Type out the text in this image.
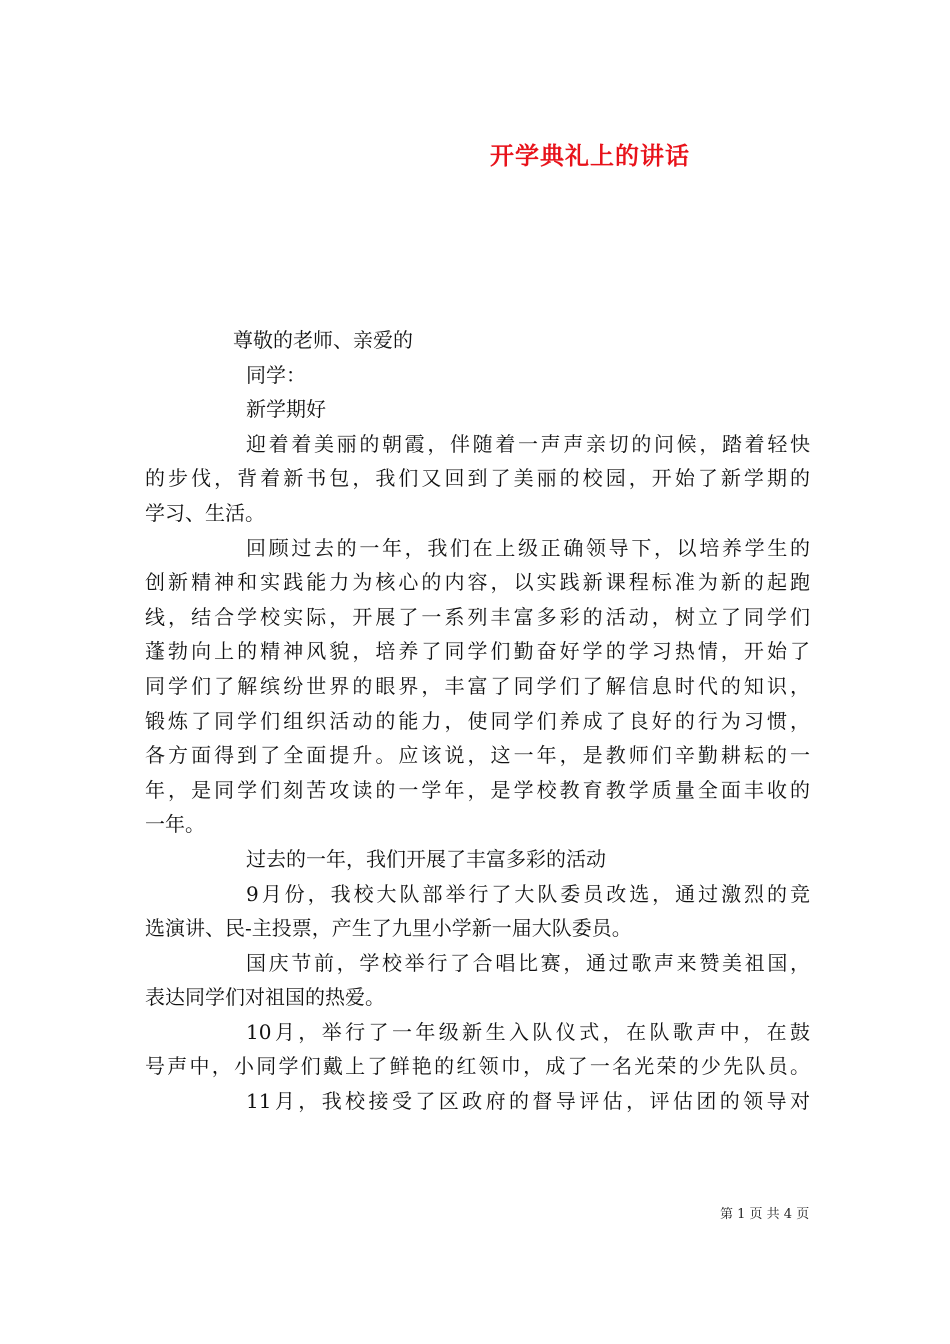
开学典礼上的讲话
尊敬的老师、亲爱的
同学：
新学期好
迎着着美丽的朝霞，伴随着一声声亲切的问候，踏着轻快
的步伐，背着新书包，我们又回到了美丽的校园，开始了新学期的
学习、生活。
回顾过去的一年，我们在上级正确领导下，以培养学生的
创新精神和实践能力为核心的内容，以实践新课程标准为新的起跑
线，结合学校实际，开展了一系列丰富多彩的活动，树立了同学们
蓬勃向上的精神风貌，培养了同学们勤奋好学的学习热情，开始了
同学们了解缤纷世界的眼界，丰富了同学们了解信息时代的知识，
锻炼了同学们组织活动的能力，使同学们养成了良好的行为习惯，
各方面得到了全面提升。应该说，这一年，是教师们辛勤耕耘的一
年，是同学们刻苦攻读的一学年，是学校教育教学质量全面丰收的
一年。
过去的一年，我们开展了丰富多彩的活动
9月份，我校大队部举行了大队委员改选，通过激烈的竞
选演讲、民-主投票，产生了九里小学新一届大队委员。
国庆节前，学校举行了合唱比赛，通过歌声来赞美祖国，
表达同学们对祖国的热爱。
10月，举行了一年级新生入队仪式，在队歌声中，在鼓
号声中，小同学们戴上了鲜艳的红领巾，成了一名光荣的少先队员。
11月，我校接受了区政府的督导评估，评估团的领导对
第 1 页 共 4 页
